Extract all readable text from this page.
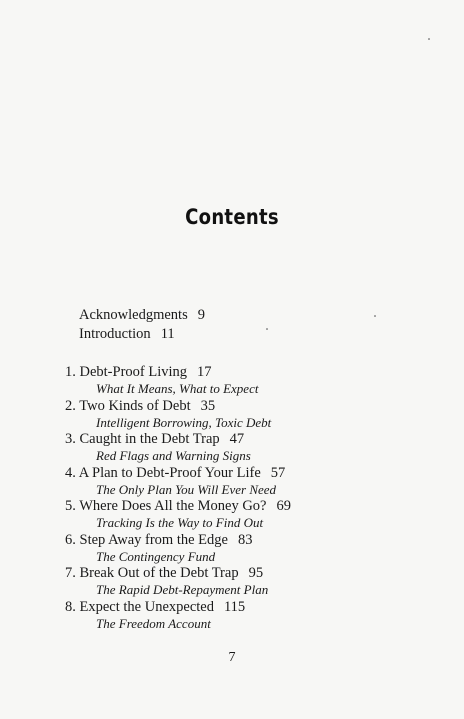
Contents
Acknowledgments 9
Introduction 11
1. Debt-Proof Living 17
What It Means, What to Expect
2. Two Kinds of Debt 35
Intelligent Borrowing, Toxic Debt
3. Caught in the Debt Trap 47
Red Flags and Warning Signs
4. A Plan to Debt-Proof Your Life 57
The Only Plan You Will Ever Need
5. Where Does All the Money Go? 69
Tracking Is the Way to Find Out
6. Step Away from the Edge 83
The Contingency Fund
7. Break Out of the Debt Trap 95
The Rapid Debt-Repayment Plan
8. Expect the Unexpected 115
The Freedom Account
7
